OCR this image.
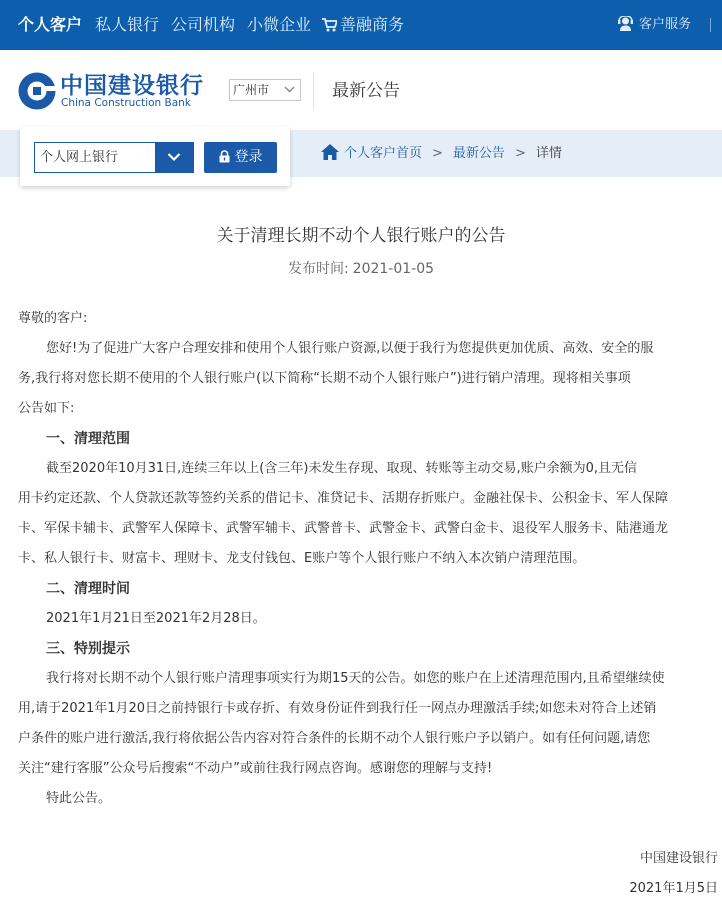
个人客户 私人银行 公司机构 小微企业	善融商务	客户服务
中国建设银行
China Construction Bank
广州市	最新公告
个人客户首页 > 最新公告 > 详情
个人网上银行	登录
关于清理长期不动个人银行账户的公告
发布时间: 2021-01-05
尊敬的客户:
您好!为了促进广大客户合理安排和使用个人银行账户资源,以便于我行为您提供更加优质、高效、安全的服
务,我行将对您长期不使用的个人银行账户(以下简称“长期不动个人银行账户”)进行销户清理。现将相关事项
公告如下:
一、清理范围
截至2020年10月31日,连续三年以上(含三年)未发生存现、取现、转账等主动交易,账户余额为0,且无信
用卡约定还款、个人贷款还款等签约关系的借记卡、准贷记卡、活期存折账户。金融社保卡、公积金卡、军人保障
卡、军保卡辅卡、武警军人保障卡、武警军辅卡、武警普卡、武警金卡、武警白金卡、退役军人服务卡、陆港通龙
卡、私人银行卡、财富卡、理财卡、龙支付钱包、E账户等个人银行账户不纳入本次销户清理范围。
二、清理时间
2021年1月21日至2021年2月28日。
三、特别提示
我行将对长期不动个人银行账户清理事项实行为期15天的公告。如您的账户在上述清理范围内,且希望继续使
用,请于2021年1月20日之前持银行卡或存折、有效身份证件到我行任一网点办理激活手续;如您未对符合上述销
户条件的账户进行激活,我行将依据公告内容对符合条件的长期不动个人银行账户予以销户。如有任何问题,请您
关注“建行客服”公众号后搜索“不动户”或前往我行网点咨询。感谢您的理解与支持!
特此公告。
中国建设银行
2021年1月5日
